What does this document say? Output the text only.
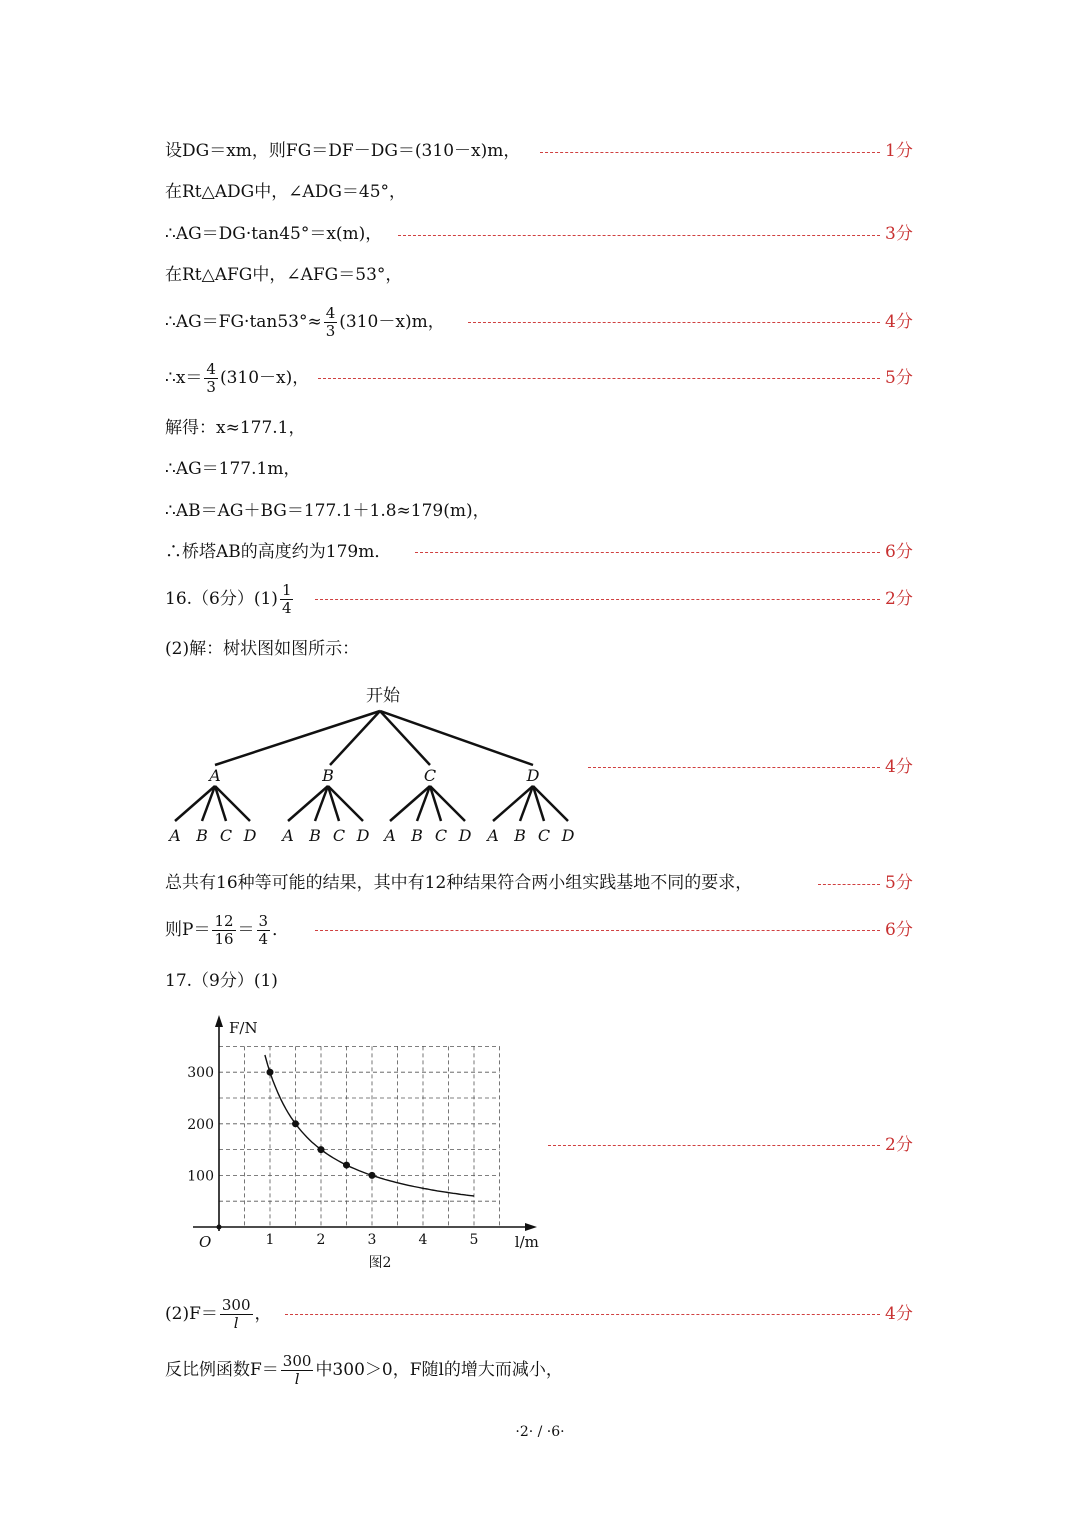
设DG＝xm，则FG＝DF－DG＝(310－x)m，	1分
在Rt△ADG中，∠ADG＝45°，
∴AG＝DG·tan45°＝x(m)，	3分
在Rt△AFG中，∠AFG＝53°，
∴AG＝FG·tan53°≈ $\frac{4}{3} (310-x)m$，	4分
∴x＝ $\frac{4}{3} (310-x)$，	5分
解得：x≈177.1，
∴AG＝177.1m，
∴AB＝AG＋BG＝177.1＋1.8≈179(m)，
∴桥塔AB的高度约为179m．	6分
16.（6分）$(1) \frac{1}{4}$	2分
(2)解：树状图如图所示：
开始
A	B	C	D
A B C D A B C D A B C D A B C D
4分
总共有16种等可能的结果，其中有12种结果符合两小组实践基地不同的要求，	5分
则$P= \frac{12}{16} = \frac{3}{4}$ ．	6分
17.（9分）(1)
1	2	3	4	5
100
200
300
F/N
l/m
O
图2
2分
$(2)F= \frac{300}{l}$ ，	4分
反比例函数$F= \frac{300}{l}$ 中300＞0，F随l的增大而减小，
·2· / ·6·
